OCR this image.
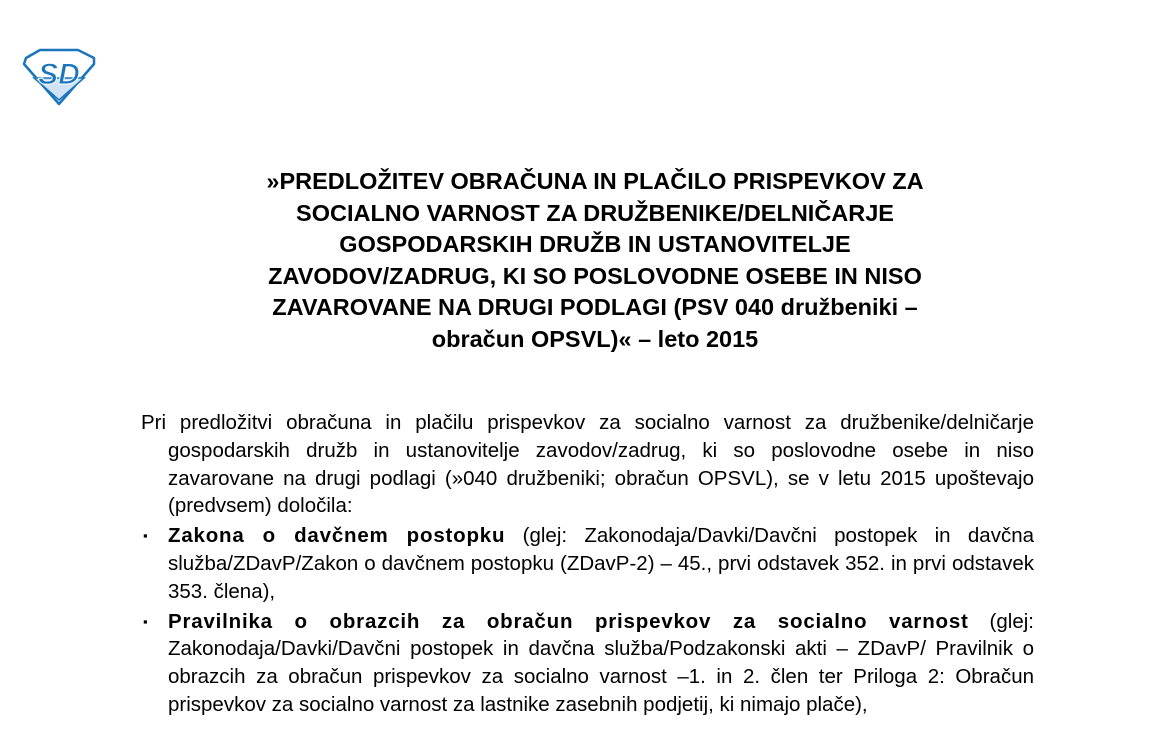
SD
»PREDLOŽITEV OBRAČUNA IN PLAČILO PRISPEVKOV ZA
SOCIALNO VARNOST ZA DRUŽBENIKE/DELNIČARJE
GOSPODARSKIH DRUŽB IN USTANOVITELJE
ZAVODOV/ZADRUG, KI SO POSLOVODNE OSEBE IN NISO
ZAVAROVANE NA DRUGI PODLAGI (PSV 040 družbeniki –
obračun OPSVL)« – leto 2015

Pri predložitvi obračuna in plačilu prispevkov za socialno varnost za družbenike/delničarje gospodarskih družb in ustanovitelje zavodov/zadrug, ki so poslovodne osebe in niso zavarovane na drugi podlagi (»040 družbeniki; obračun OPSVL), se v letu 2015 upoštevajo (predvsem) določila:

▪ Zakona o davčnem postopku (glej: Zakonodaja/Davki/Davčni postopek in davčna služba/ZDavP/Zakon o davčnem postopku (ZDavP-2) – 45., prvi odstavek 352. in prvi odstavek 353. člena),
▪ Pravilnika o obrazcih za obračun prispevkov za socialno varnost (glej: Zakonodaja/Davki/Davčni postopek in davčna služba/Podzakonski akti – ZDavP/ Pravilnik o obrazcih za obračun prispevkov za socialno varnost –1. in 2. člen ter Priloga 2: Obračun prispevkov za socialno varnost za lastnike zasebnih podjetij, ki nimajo plače),
